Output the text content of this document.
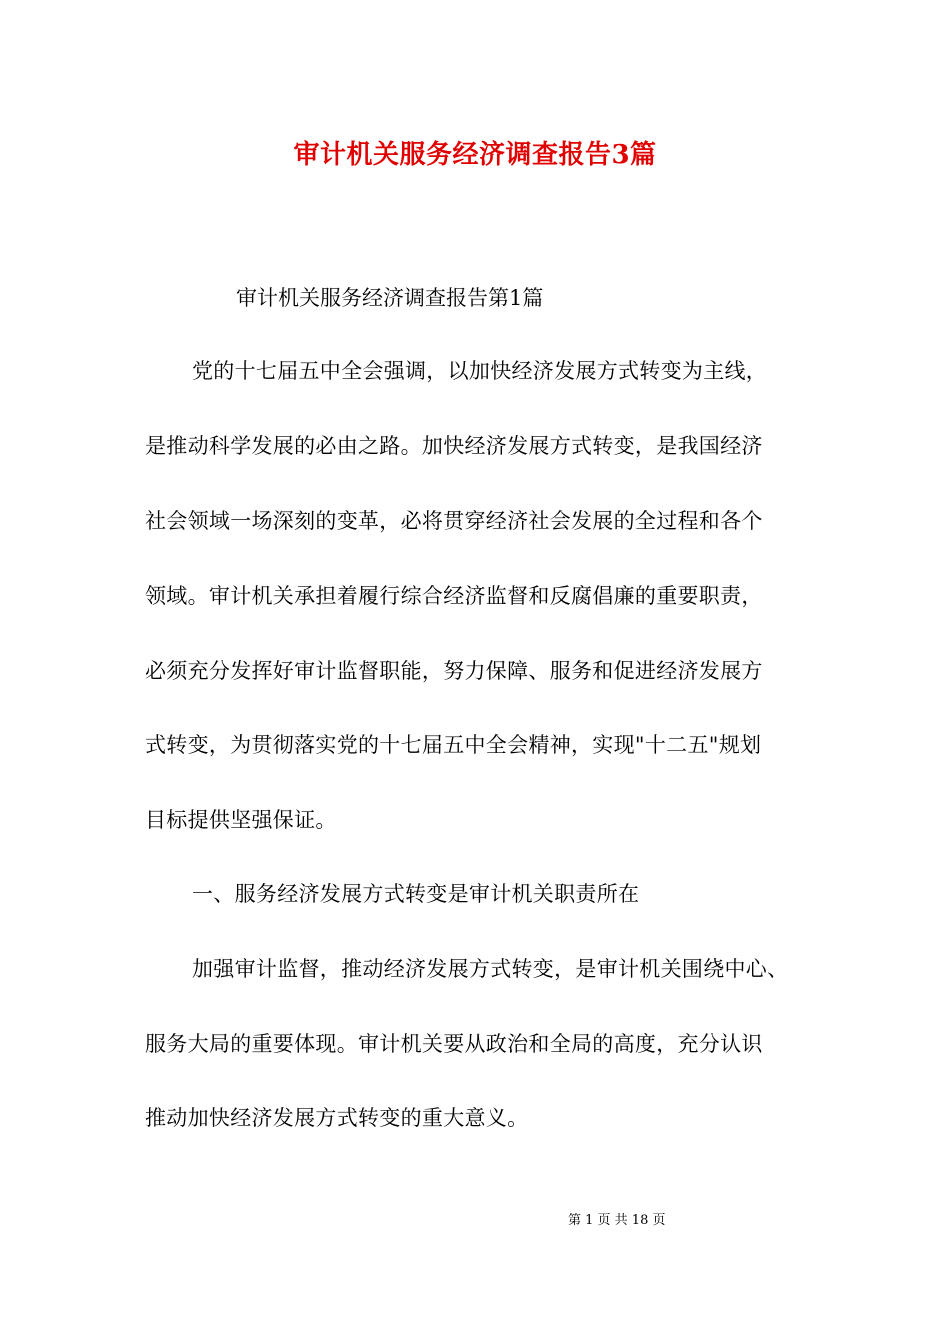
审计机关服务经济调查报告3篇
审计机关服务经济调查报告第1篇
党的十七届五中全会强调，以加快经济发展方式转变为主线，
是推动科学发展的必由之路。加快经济发展方式转变，是我国经济
社会领域一场深刻的变革，必将贯穿经济社会发展的全过程和各个
领域。审计机关承担着履行综合经济监督和反腐倡廉的重要职责，
必须充分发挥好审计监督职能，努力保障、服务和促进经济发展方
式转变，为贯彻落实党的十七届五中全会精神，实现"十二五"规划
目标提供坚强保证。
一、服务经济发展方式转变是审计机关职责所在
加强审计监督，推动经济发展方式转变，是审计机关围绕中心、
服务大局的重要体现。审计机关要从政治和全局的高度，充分认识
推动加快经济发展方式转变的重大意义。
第 1 页 共 18 页
